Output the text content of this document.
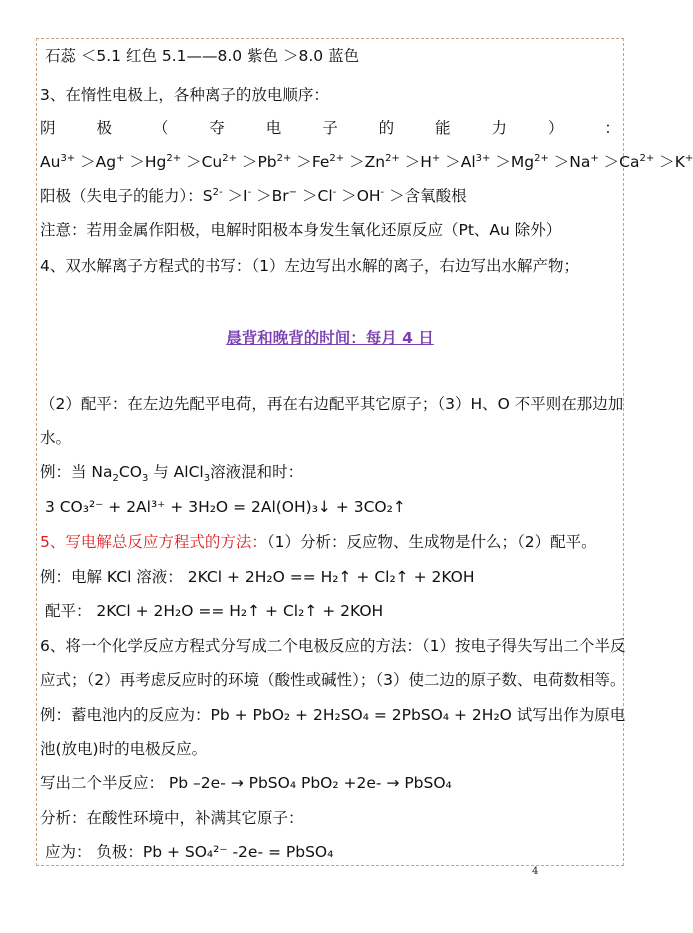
石蕊 ＜5.1 红色 5.1——8.0 紫色 ＞8.0 蓝色
3、在惰性电极上，各种离子的放电顺序：
阴	极	（	夺	电	子	的	能	力	）	：
$Au^{3+} >Ag^+ >Hg^{2+} >Cu^{2+} >Pb^{2+} >Fe^{2+} >Zn^{2+} >H^+ >Al^{3+} >Mg^{2+} >Na^+ >Ca^{2+} >K^+$
阳极（失电子的能力）：$S^{2-} >I^- >Br^- >Cl^- >OH^-$ ＞含氧酸根
注意：若用金属作阳极，电解时阳极本身发生氧化还原反应（Pt、Au 除外）
4、双水解离子方程式的书写：（1）左边写出水解的离子，右边写出水解产物；
晨背和晚背的时间：每月 4 日
（2）配平：在左边先配平电荷，再在右边配平其它原子；（3）H、O 不平则在那边加
水。
例：当 $Na_2CO_3$ 与 AlCl$_3$溶液混和时：
3 CO₃²⁻ + 2Al³⁺ + 3H₂O = 2Al(OH)₃↓ + 3CO₂↑
5、写电解总反应方程式的方法：（1）分析：反应物、生成物是什么；（2）配平。
例：电解 KCl 溶液： 2KCl + 2H₂O == H₂↑ + Cl₂↑ + 2KOH
配平： 2KCl + 2H₂O == H₂↑ + Cl₂↑ + 2KOH
6、将一个化学反应方程式分写成二个电极反应的方法：（1）按电子得失写出二个半反
应式；（2）再考虑反应时的环境（酸性或碱性）；（3）使二边的原子数、电荷数相等。
例：蓄电池内的反应为：Pb + PbO₂ + 2H₂SO₄ = 2PbSO₄ + 2H₂O 试写出作为原电
池(放电)时的电极反应。
写出二个半反应： Pb –2e- → PbSO₄ PbO₂ +2e- → PbSO₄
分析：在酸性环境中，补满其它原子：
应为： 负极：Pb + SO₄²⁻ -2e- = PbSO₄
4
